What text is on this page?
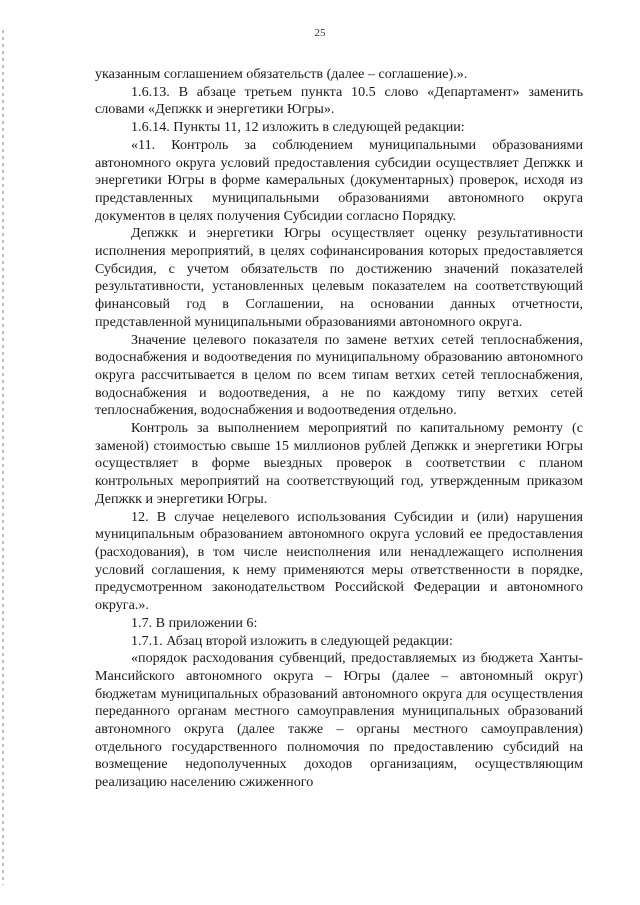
25

указанным соглашением обязательств (далее – соглашение).».

1.6.13. В абзаце третьем пункта 10.5 слово «Департамент» заменить словами «Депжкк и энергетики Югры».

1.6.14. Пункты 11, 12 изложить в следующей редакции:

«11. Контроль за соблюдением муниципальными образованиями автономного округа условий предоставления субсидии осуществляет Депжкк и энергетики Югры в форме камеральных (документарных) проверок, исходя из представленных муниципальными образованиями автономного округа документов в целях получения Субсидии согласно Порядку.

Депжкк и энергетики Югры осуществляет оценку результативности исполнения мероприятий, в целях софинансирования которых предоставляется Субсидия, с учетом обязательств по достижению значений показателей результативности, установленных целевым показателем на соответствующий финансовый год в Соглашении, на основании данных отчетности, представленной муниципальными образованиями автономного округа.

Значение целевого показателя по замене ветхих сетей теплоснабжения, водоснабжения и водоотведения по муниципальному образованию автономного округа рассчитывается в целом по всем типам ветхих сетей теплоснабжения, водоснабжения и водоотведения, а не по каждому типу ветхих сетей теплоснабжения, водоснабжения и водоотведения отдельно.

Контроль за выполнением мероприятий по капитальному ремонту (с заменой) стоимостью свыше 15 миллионов рублей Депжкк и энергетики Югры осуществляет в форме выездных проверок в соответствии с планом контрольных мероприятий на соответствующий год, утвержденным приказом Депжкк и энергетики Югры.

12. В случае нецелевого использования Субсидии и (или) нарушения муниципальным образованием автономного округа условий ее предоставления (расходования), в том числе неисполнения или ненадлежащего исполнения условий соглашения, к нему применяются меры ответственности в порядке, предусмотренном законодательством Российской Федерации и автономного округа.».

1.7. В приложении 6:

1.7.1. Абзац второй изложить в следующей редакции:

«порядок расходования субвенций, предоставляемых из бюджета Ханты-Мансийского автономного округа – Югры (далее – автономный округ) бюджетам муниципальных образований автономного округа для осуществления переданного органам местного самоуправления муниципальных образований автономного округа (далее также – органы местного самоуправления) отдельного государственного полномочия по предоставлению субсидий на возмещение недополученных доходов организациям, осуществляющим реализацию населению сжиженного
